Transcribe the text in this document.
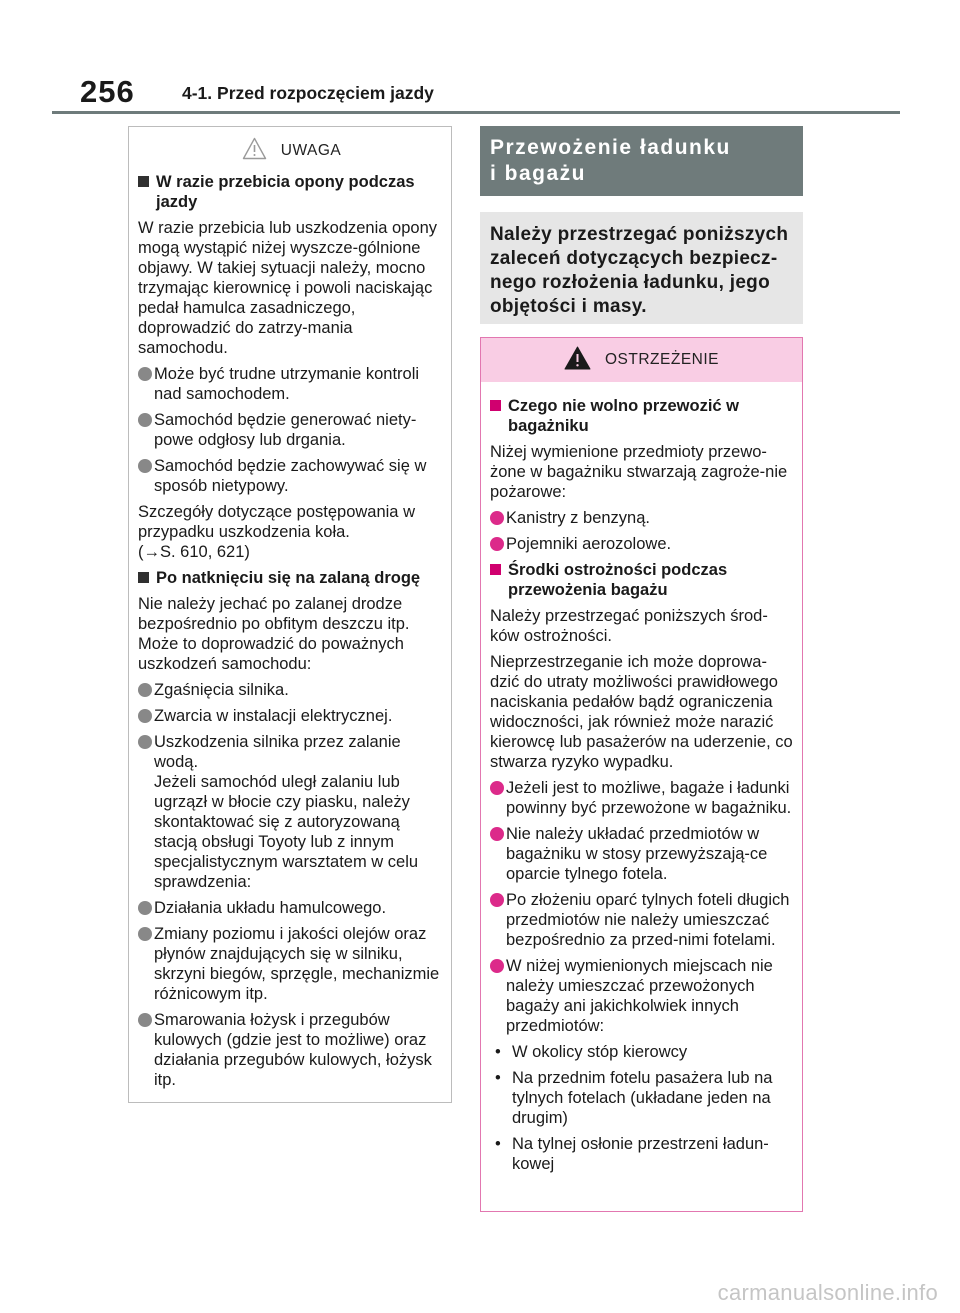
256	4-1. Przed rozpoczęciem jazdy
UWAGA
W razie przebicia opony podczas jazdy
W razie przebicia lub uszkodzenia opony mogą wystąpić niżej wyszcze-gólnione objawy. W takiej sytuacji należy, mocno trzymając kierownicę i powoli naciskając pedał hamulca zasadniczego, doprowadzić do zatrzy-mania samochodu.
Może być trudne utrzymanie kontroli nad samochodem.
Samochód będzie generować niety-powe odgłosy lub drgania.
Samochód będzie zachowywać się w sposób nietypowy.
Szczegóły dotyczące postępowania w przypadku uszkodzenia koła.
(→S. 610, 621)
Po natknięciu się na zalaną drogę
Nie należy jechać po zalanej drodze bezpośrednio po obfitym deszczu itp. Może to doprowadzić do poważnych uszkodzeń samochodu:
Zgaśnięcia silnika.
Zwarcia w instalacji elektrycznej.
Uszkodzenia silnika przez zalanie wodą.
Jeżeli samochód uległ zalaniu lub ugrzązł w błocie czy piasku, należy skontaktować się z autoryzowaną stacją obsługi Toyoty lub z innym specjalistycznym warsztatem w celu sprawdzenia:
Działania układu hamulcowego.
Zmiany poziomu i jakości olejów oraz płynów znajdujących się w silniku, skrzyni biegów, sprzęgle, mechanizmie różnicowym itp.
Smarowania łożysk i przegubów kulowych (gdzie jest to możliwe) oraz działania przegubów kulowych, łożysk itp.
Przewożenie ładunku
i bagażu
Należy przestrzegać poniższych zaleceń dotyczących bezpiecz-nego rozłożenia ładunku, jego objętości i masy.
OSTRZEŻENIE
Czego nie wolno przewozić w bagażniku
Niżej wymienione przedmioty przewo-żone w bagażniku stwarzają zagroże-nie pożarowe:
Kanistry z benzyną.
Pojemniki aerozolowe.
Środki ostrożności podczas przewożenia bagażu
Należy przestrzegać poniższych środ-ków ostrożności.
Nieprzestrzeganie ich może doprowa-dzić do utraty możliwości prawidłowego naciskania pedałów bądź ograniczenia widoczności, jak również może narazić kierowcę lub pasażerów na uderzenie, co stwarza ryzyko wypadku.
Jeżeli jest to możliwe, bagaże i ładunki powinny być przewożone w bagażniku.
Nie należy układać przedmiotów w bagażniku w stosy przewyższają-ce oparcie tylnego fotela.
Po złożeniu oparć tylnych foteli długich przedmiotów nie należy umieszczać bezpośrednio za przed-nimi fotelami.
W niżej wymienionych miejscach nie należy umieszczać przewożonych bagaży ani jakichkolwiek innych przedmiotów:
• W okolicy stóp kierowcy
• Na przednim fotelu pasażera lub na tylnych fotelach (układane jeden na drugim)
• Na tylnej osłonie przestrzeni ładun-kowej
carmanualsonline.info
